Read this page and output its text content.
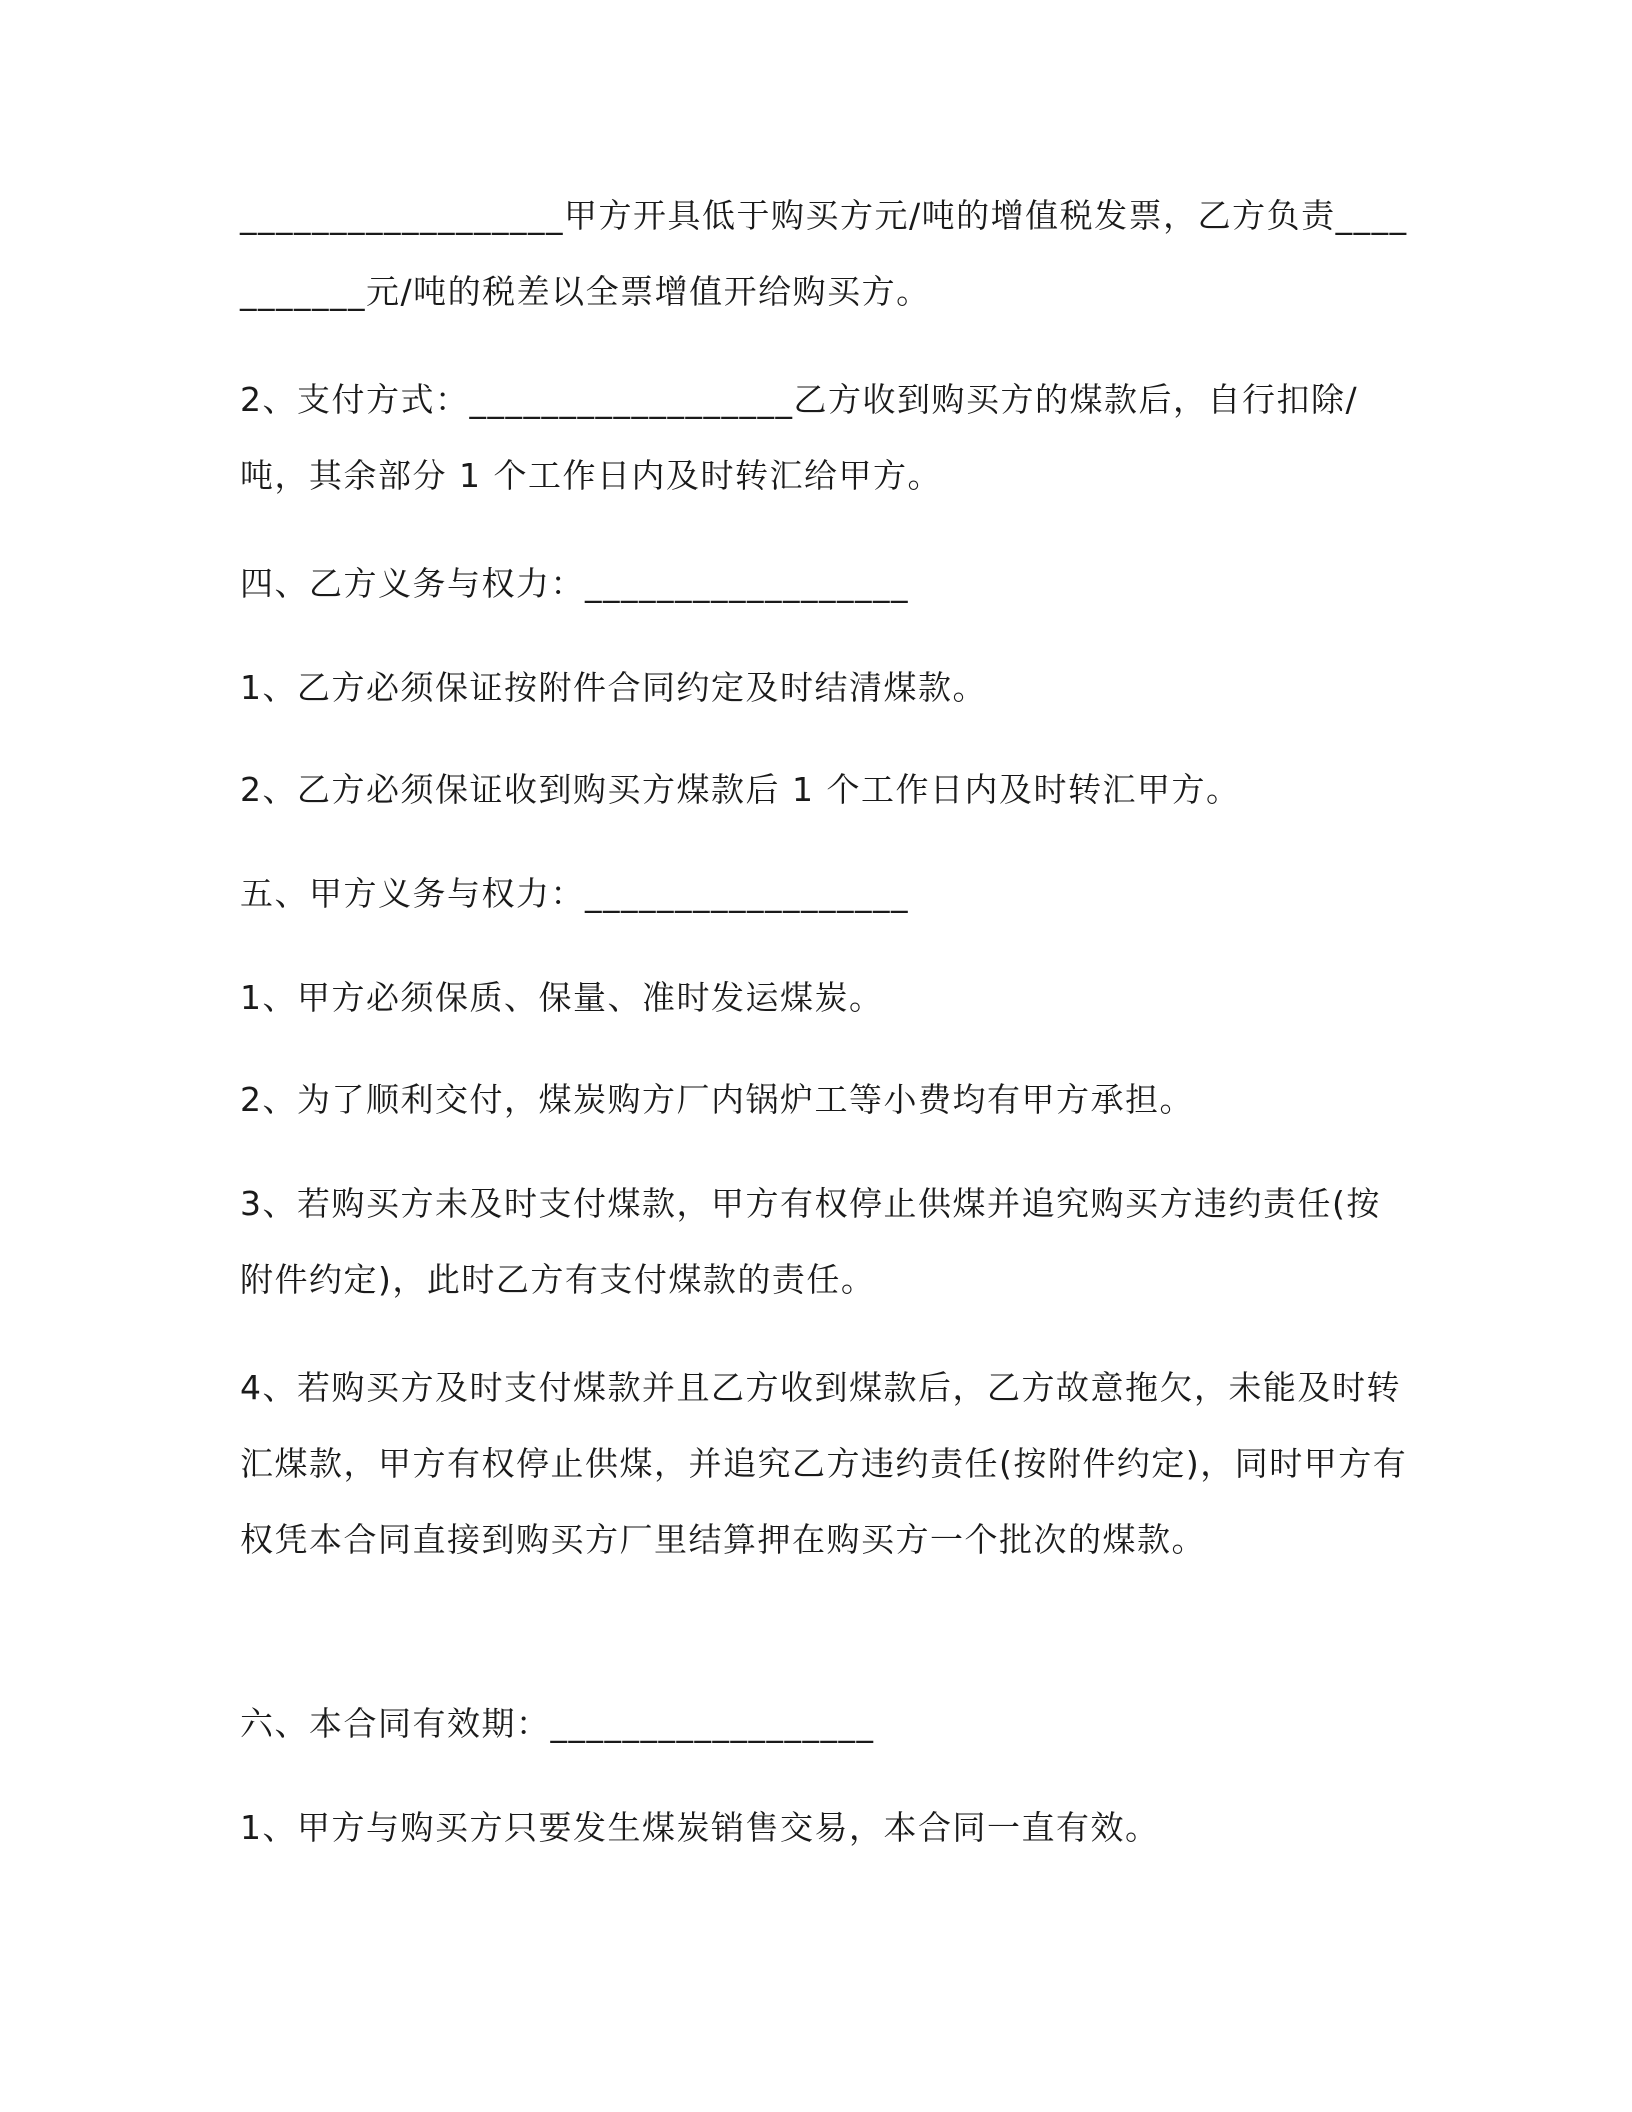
__________________甲方开具低于购买方元/吨的增值税发票，乙方负责___________元/吨的税差以全票增值开给购买方。

2、支付方式：__________________乙方收到购买方的煤款后，自行扣除/吨，其余部分 1 个工作日内及时转汇给甲方。

四、乙方义务与权力：__________________

1、乙方必须保证按附件合同约定及时结清煤款。

2、乙方必须保证收到购买方煤款后 1 个工作日内及时转汇甲方。

五、甲方义务与权力：__________________

1、甲方必须保质、保量、准时发运煤炭。

2、为了顺利交付，煤炭购方厂内锅炉工等小费均有甲方承担。

3、若购买方未及时支付煤款，甲方有权停止供煤并追究购买方违约责任(按附件约定)，此时乙方有支付煤款的责任。

4、若购买方及时支付煤款并且乙方收到煤款后，乙方故意拖欠，未能及时转汇煤款，甲方有权停止供煤，并追究乙方违约责任(按附件约定)，同时甲方有权凭本合同直接到购买方厂里结算押在购买方一个批次的煤款。

六、本合同有效期：__________________

1、甲方与购买方只要发生煤炭销售交易，本合同一直有效。
